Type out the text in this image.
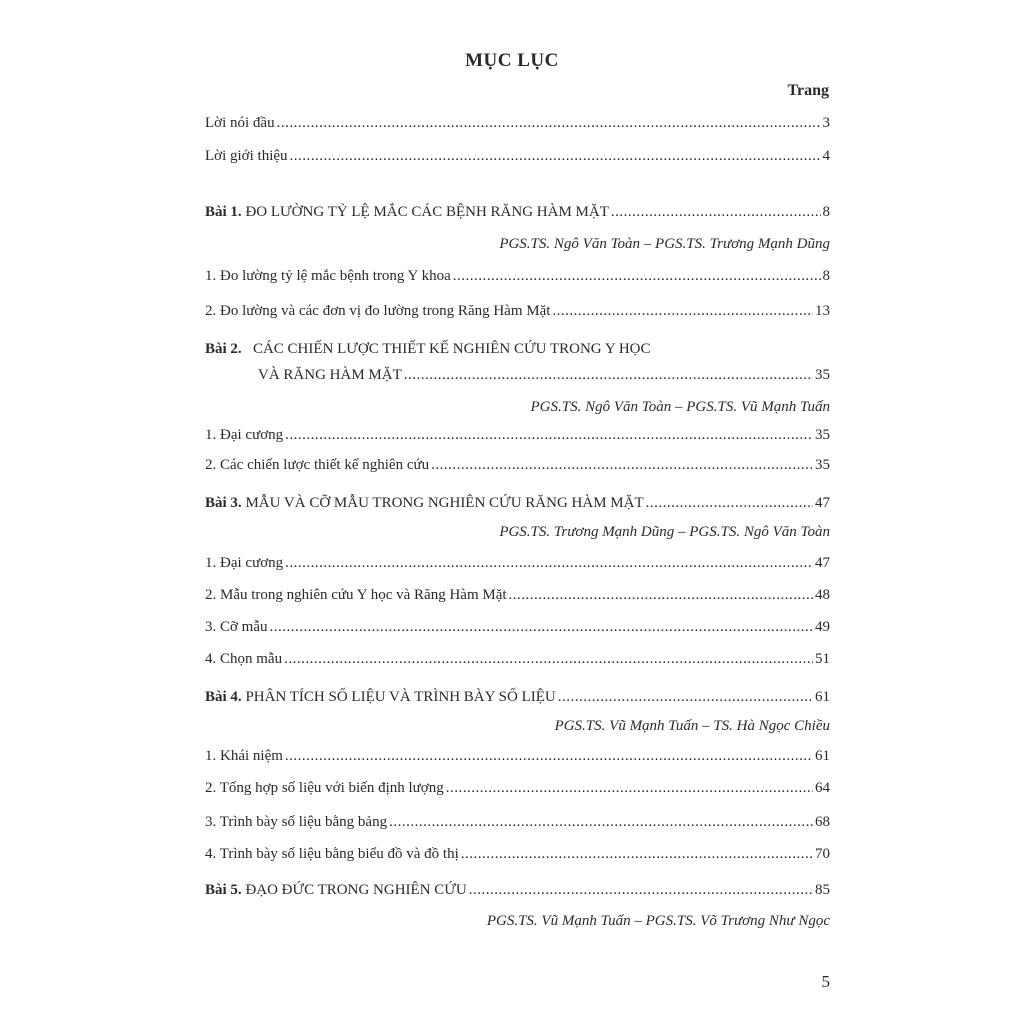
MỤC LỤC
Trang
Lời nói đầu .....	3
Lời giới thiệu .....	4
Bài 1. ĐO LƯỜNG TỶ LỆ MẮC CÁC BỆNH RĂNG HÀM MẶT .....	8
PGS.TS. Ngô Văn Toàn – PGS.TS. Trương Mạnh Dũng
1. Đo lường tỷ lệ mắc bệnh trong Y khoa .....	8
2. Đo lường và các đơn vị đo lường trong Răng Hàm Mặt .....	13
Bài 2. CÁC CHIẾN LƯỢC THIẾT KẾ NGHIÊN CỨU TRONG Y HỌC
VÀ RĂNG HÀM MẶT .....	35
PGS.TS. Ngô Văn Toàn – PGS.TS. Vũ Mạnh Tuấn
1. Đại cương .....	35
2. Các chiến lược thiết kế nghiên cứu .....	35
Bài 3. MẪU VÀ CỠ MẪU TRONG NGHIÊN CỨU RĂNG HÀM MẶT .....	47
PGS.TS. Trương Mạnh Dũng – PGS.TS. Ngô Văn Toàn
1. Đại cương .....	47
2. Mẫu trong nghiên cứu Y học và Răng Hàm Mặt .....	48
3. Cỡ mẫu .....	49
4. Chọn mẫu .....	51
Bài 4. PHÂN TÍCH SỐ LIỆU VÀ TRÌNH BÀY SỐ LIỆU .....	61
PGS.TS. Vũ Mạnh Tuấn – TS. Hà Ngọc Chiều
1. Khái niệm .....	61
2. Tổng hợp số liệu với biến định lượng .....	64
3. Trình bày số liệu bằng bảng .....	68
4. Trình bày số liệu bằng biểu đồ và đồ thị .....	70
Bài 5. ĐẠO ĐỨC TRONG NGHIÊN CỨU .....	85
PGS.TS. Vũ Mạnh Tuấn – PGS.TS. Võ Trương Như Ngọc
5
